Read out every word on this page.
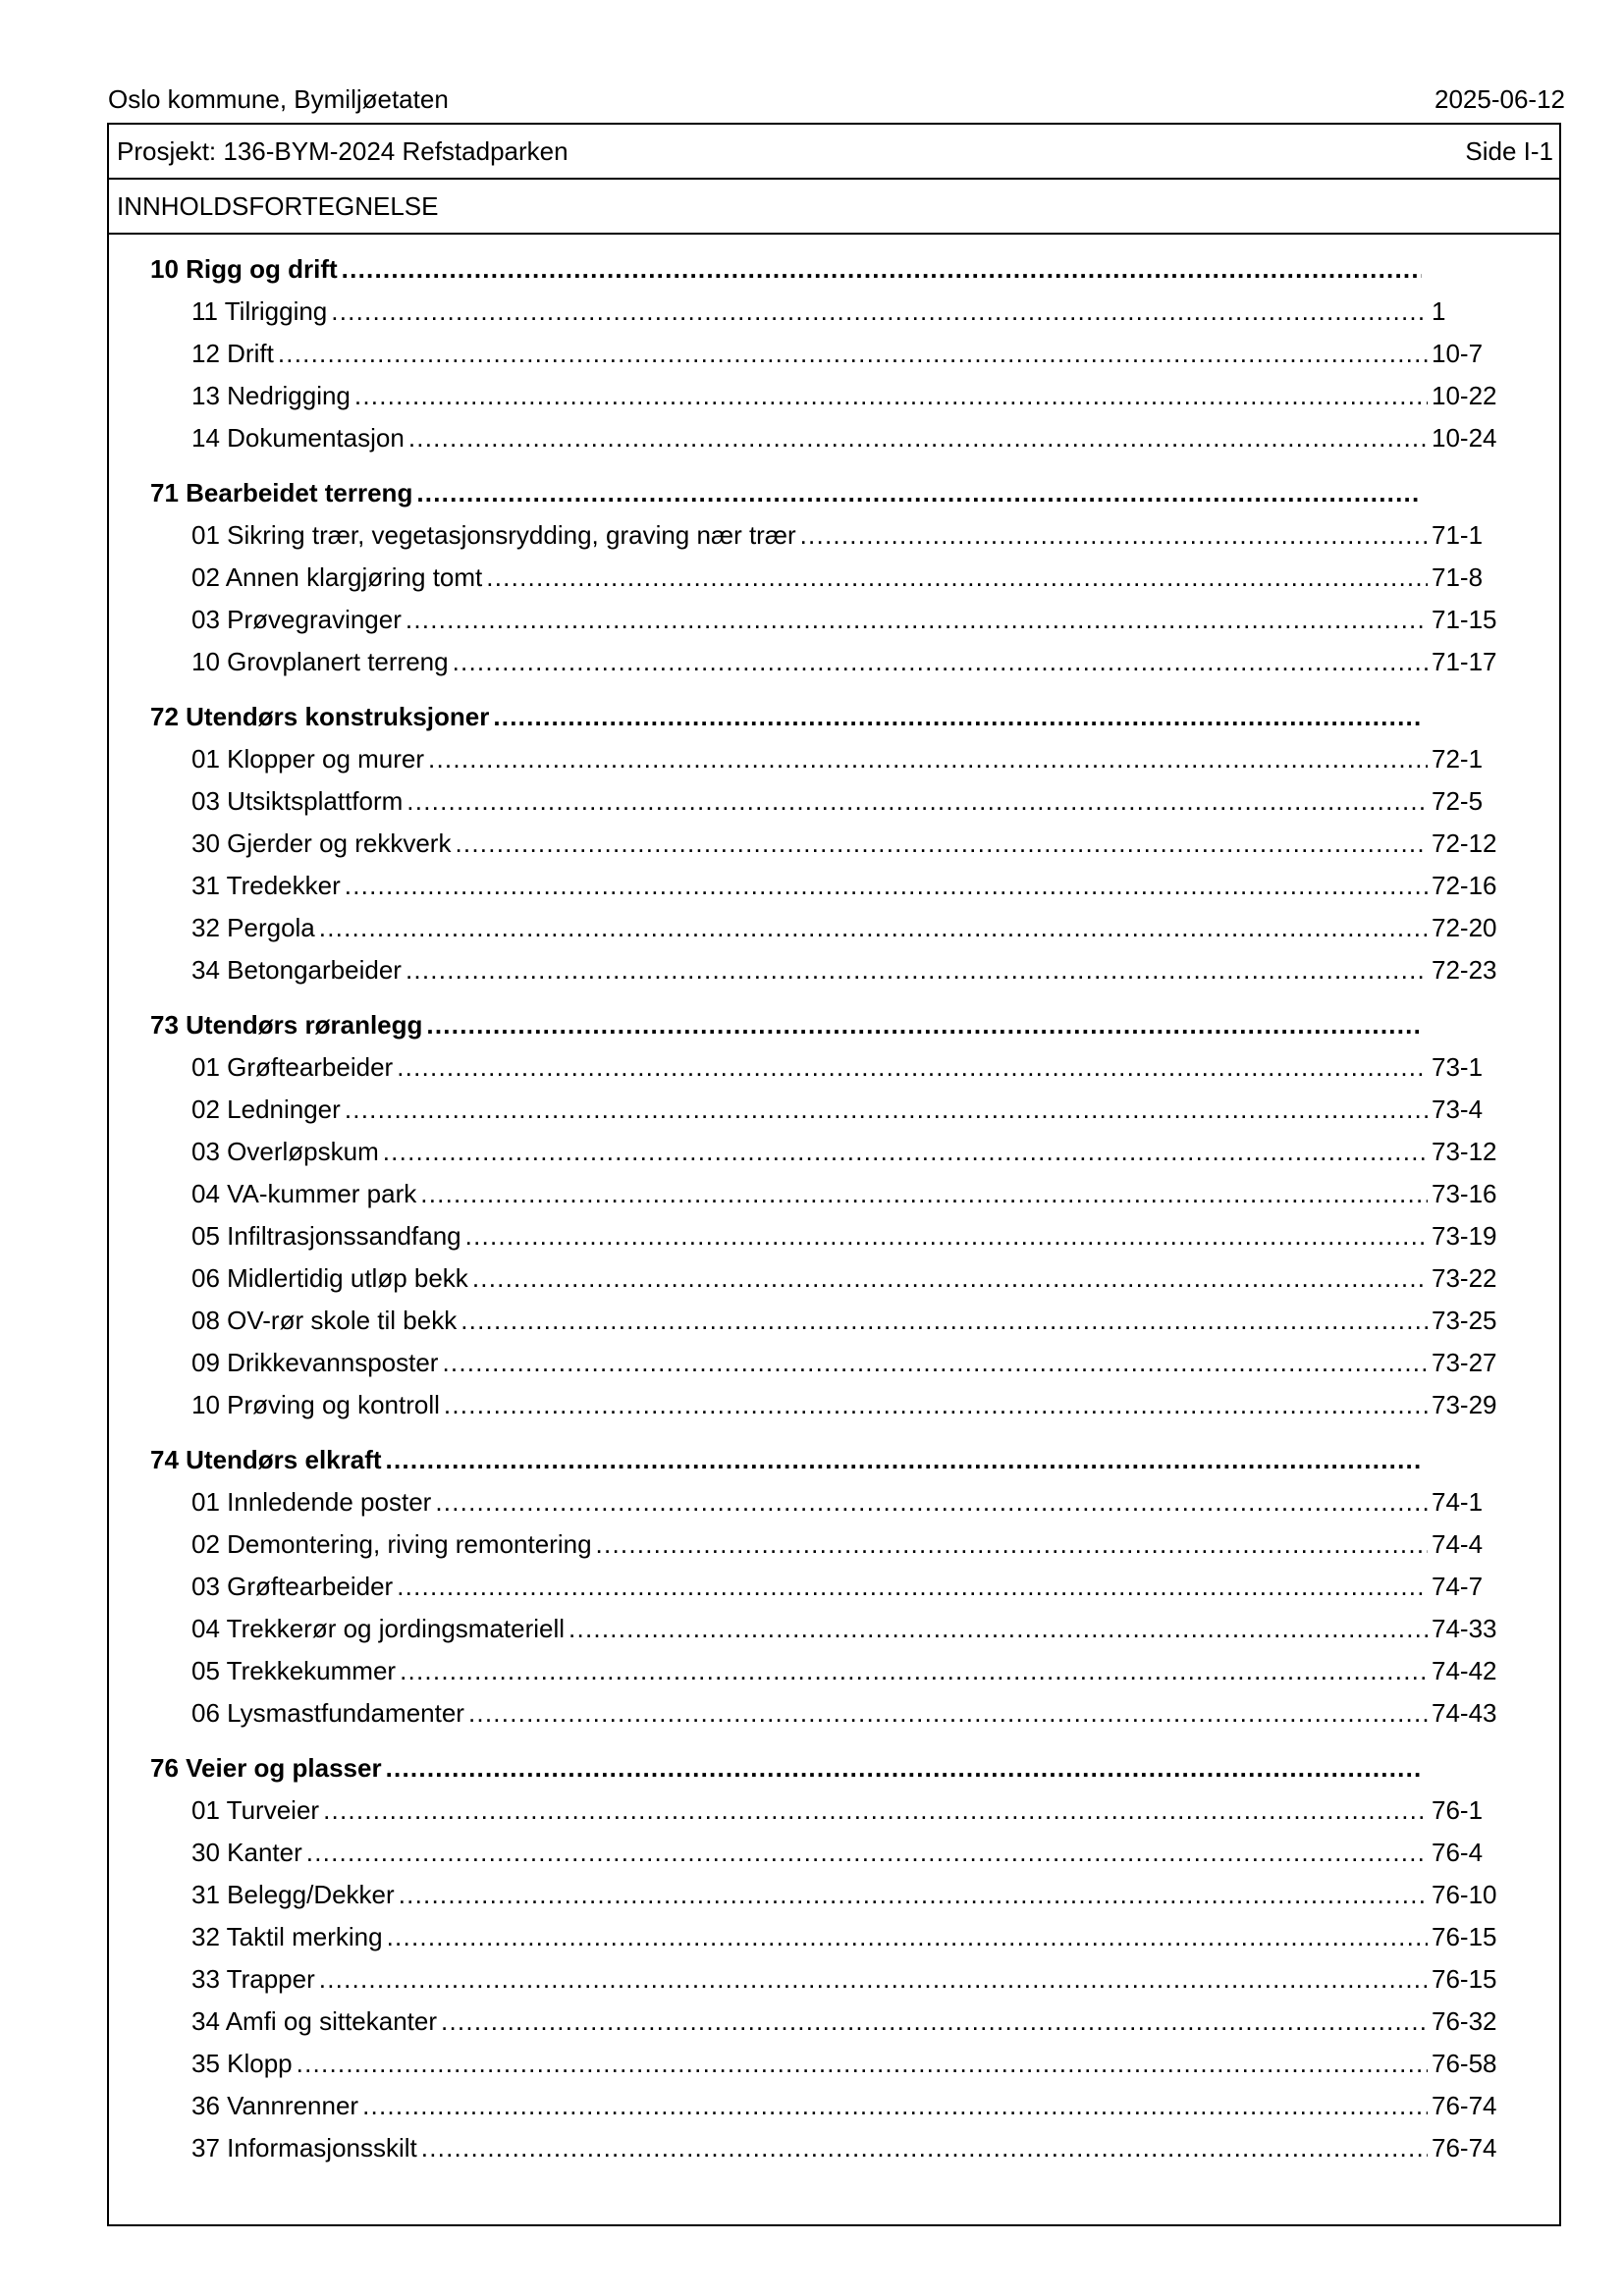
Oslo kommune, Bymiljøetaten	2025-06-12
Prosjekt: 136-BYM-2024 Refstadparken	Side I-1
INNHOLDSFORTEGNELSE
10 Rigg og drift
. . .
11 Tilrigging . . .	1
12 Drift . . .	10-7
13 Nedrigging . . .	10-22
14 Dokumentasjon . . .	10-24
71 Bearbeidet terreng
. . .
01 Sikring trær, vegetasjonsrydding, graving nær trær . . .	71-1
02 Annen klargjøring tomt . . .	71-8
03 Prøvegravinger . . .	71-15
10 Grovplanert terreng . . .	71-17
72 Utendørs konstruksjoner
. . .
01 Klopper og murer . . .	72-1
03 Utsiktsplattform . . .	72-5
30 Gjerder og rekkverk . . .	72-12
31 Tredekker . . .	72-16
32 Pergola . . .	72-20
34 Betongarbeider . . .	72-23
73 Utendørs røranlegg
. . .
01 Grøftearbeider . . .	73-1
02 Ledninger . . .	73-4
03 Overløpskum . . .	73-12
04 VA-kummer park . . .	73-16
05 Infiltrasjonssandfang . . .	73-19
06 Midlertidig utløp bekk . . .	73-22
08 OV-rør skole til bekk . . .	73-25
09 Drikkevannsposter . . .	73-27
10 Prøving og kontroll . . .	73-29
74 Utendørs elkraft
. . .
01 Innledende poster . . .	74-1
02 Demontering, riving remontering . . .	74-4
03 Grøftearbeider . . .	74-7
04 Trekkerør og jordingsmateriell . . .	74-33
05 Trekkekummer . . .	74-42
06 Lysmastfundamenter . . .	74-43
76 Veier og plasser
. . .
01 Turveier . . .	76-1
30 Kanter . . .	76-4
31 Belegg/Dekker . . .	76-10
32 Taktil merking . . .	76-15
33 Trapper . . .	76-15
34 Amfi og sittekanter . . .	76-32
35 Klopp . . .	76-58
36 Vannrenner . . .	76-74
37 Informasjonsskilt . . .	76-74
